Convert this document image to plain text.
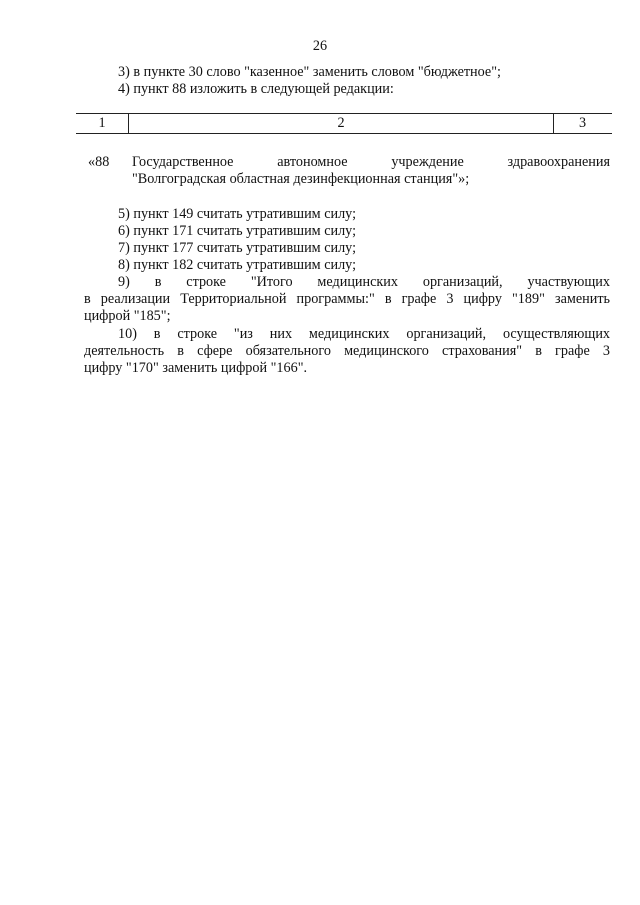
26
3) в пункте 30 слово "казенное" заменить словом "бюджетное";
4) пункт 88 изложить в следующей редакции:
1	2	3
«88 Государственное автономное учреждение здравоохранения
"Волгоградская областная дезинфекционная станция"»;
5) пункт 149 считать утратившим силу;
6) пункт 171 считать утратившим силу;
7) пункт 177 считать утратившим силу;
8) пункт 182 считать утратившим силу;
9) в строке "Итого медицинских организаций, участвующих
в реализации Территориальной программы:" в графе 3 цифру "189" заменить
цифрой "185";
10) в строке "из них медицинских организаций, осуществляющих
деятельность в сфере обязательного медицинского страхования" в графе 3
цифру "170" заменить цифрой "166".
